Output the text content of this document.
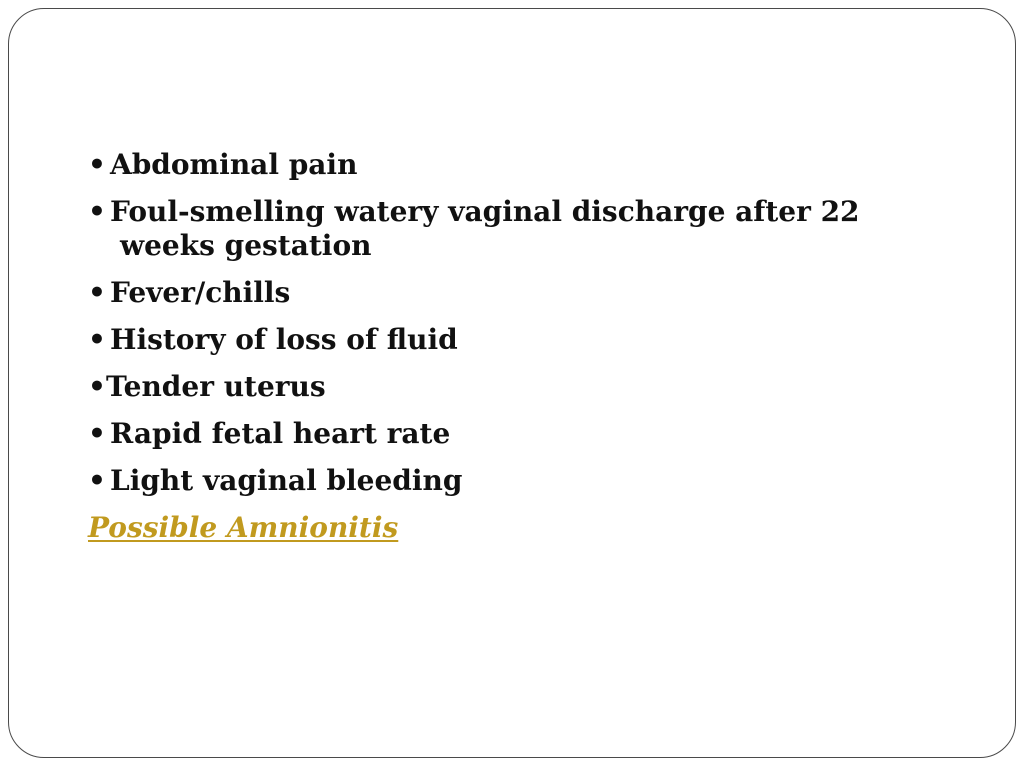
• Abdominal pain
• Foul-smelling watery vaginal discharge after 22
weeks gestation
• Fever/chills
• History of loss of fluid
•Tender uterus
• Rapid fetal heart rate
• Light vaginal bleeding
Possible Amnionitis
